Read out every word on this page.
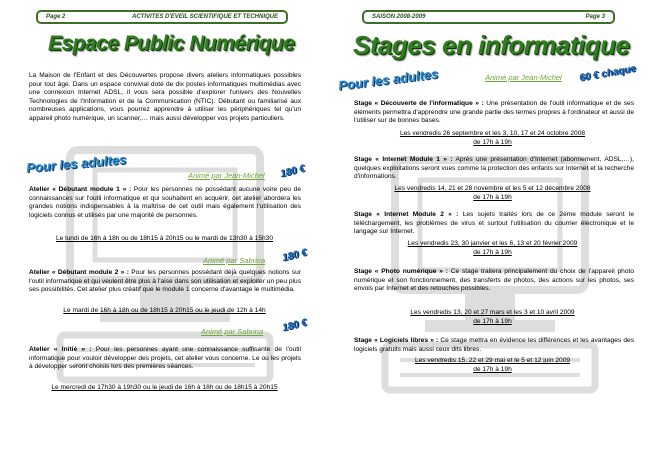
Page 2	ACTIVITES D'EVEIL SCIENTIFIQUE ET TECHNIQUE
Espace Public Numérique

La Maison de l'Enfant et des Découvertes propose divers ateliers informatiques possibles pour tout âge. Dans un espace convivial doté de dix postes informatiques multimédias avec une connexion Internet ADSL, il vous sera possible d'explorer l'univers des Nouvelles Technologies de l'Information et de la Communication (NTIC). Débutant ou familiarisé aux nombreuses applications, vous pourrez apprendre à utiliser les périphériques tel qu'un appareil photo numérique, un scanner,… mais aussi développer vos projets particuliers.

Pour les adultes
Animé par Jean-Michel 180 €

Atelier « Débutant module 1 » : Pour les personnes ne possédant aucune voire peu de connaissances sur l'outil informatique et qui souhaitent en acquérir, cet atelier abordera les grandes notions indispensables à la maîtrise de cet outil mais également l'utilisation des logiciels connus et utilisés par une majorité de personnes.

Le lundi de 16h à 18h ou de 18h15 à 20h15 ou le mardi de 13h30 à 15h30

Animé par Sabrina 180 €

Atelier « Débutant module 2 » : Pour les personnes possédant déjà quelques notions sur l'outil informatique et qui veulent être plus à l'aise dans son utilisation et exploiter un peu plus ses possibilités. Cet atelier plus créatif que le module 1 concerne d'avantage le multimédia.

Le mardi de 16h à 18h ou de 18h15 à 20h15 ou le jeudi de 12h à 14h

Animé par Sabrina 180 €

Atelier « Initié » : Pour les personnes ayant une connaissance suffisante de l'outil informatique pour vouloir développer des projets, cet atelier vous concerne. Le ou les projets à développer seront choisis lors des premières séances.

Le mercredi de 17h30 à 19h30 ou le jeudi de 16h à 18h ou de 18h15 à 20h15

SAISON 2008-2009	Page 3
Stages en informatique
Pour les adultes	Animé par Jean-Michel 60 € chaque

Stage « Découverte de l'informatique » : Une présentation de l'outil informatique et de ses éléments permettra d'apprendre une grande partie des termes propres à l'ordinateur et aussi de l'utiliser sur de bonnes bases.

Les vendredis 26 septembre et les 3, 10, 17 et 24 octobre 2008

de 17h à 19h

Stage « Internet Module 1 » : Après une présentation d'Internet (abonnement, ADSL,…), quelques exploitations seront vues comme la protection des enfants sur Internet et la recherche d'informations.

Les vendredis 14, 21 et 28 novembre et les 5 et 12 décembre 2008

de 17h à 19h

Stage « Internet Module 2 » : Les sujets traités lors de ce 2ème module seront le téléchargement, les problèmes de virus et surtout l'utilisation du courrier électronique et le langage sur Internet.

Les vendredis 23, 30 janvier et les 6, 13 et 20 février 2009

de 17h à 19h

Stage « Photo numérique » : Ce stage traitera principalement du choix de l'appareil photo numérique et son fonctionnement, des transferts de photos, des actions sur les photos, ses envois par Internet et des retouches possibles.

Les vendredis 13, 20 et 27 mars et les 3 et 10 avril 2009

de 17h à 19h

Stage « Logiciels libres » : Ce stage mettra en évidence les différences et les avantages des logiciels gratuits mais aussi ceux dits libres.

Les vendredis 15, 22 et 29 mai et le 5 et 12 juin 2009

de 17h à 19h
